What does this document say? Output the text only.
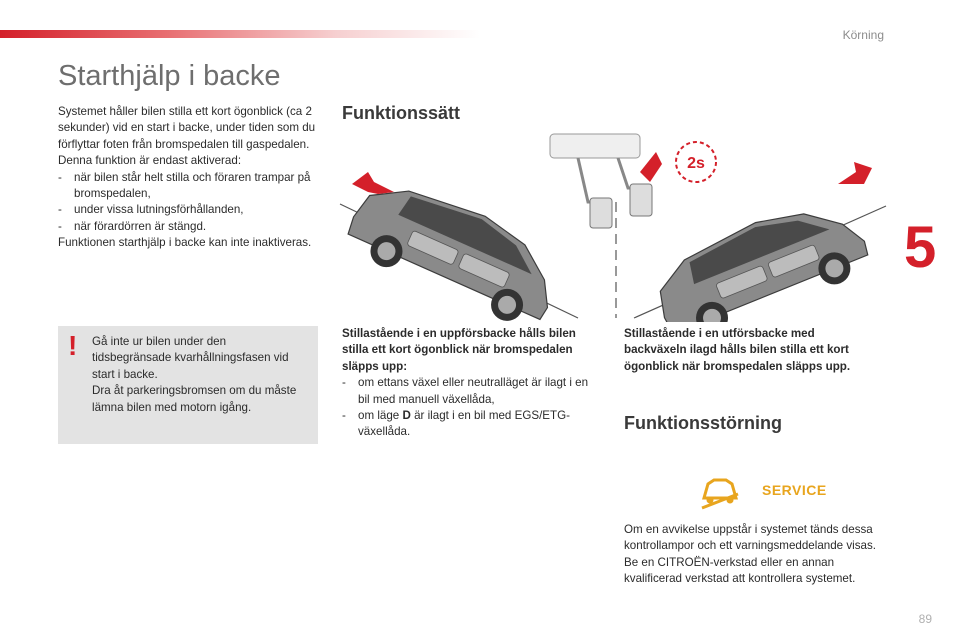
Körning
5
89
Starthjälp i backe

Systemet håller bilen stilla ett kort ögonblick (ca 2 sekunder) vid en start i backe, under tiden som du förflyttar foten från bromspedalen till gaspedalen.

Denna funktion är endast aktiverad:

-	när bilen står helt stilla och föraren trampar på bromspedalen,
-	under vissa lutningsförhållanden,
-	när förardörren är stängd.

Funktionen starthjälp i backe kan inte inaktiveras.

! Gå inte ur bilen under den tidsbegränsade kvarhållningsfasen vid start i backe.

Dra åt parkeringsbromsen om du måste lämna bilen med motorn igång.

Funktionssätt
2s

Stillastående i en uppförsbacke hålls bilen stilla ett kort ögonblick när bromspedalen släpps upp:

-	om ettans växel eller neutralläget är ilagt i en bil med manuell växellåda,
-	om läge D är ilagt i en bil med EGS/ETG-växellåda.

Stillastående i en utförsbacke med backväxeln ilagd hålls bilen stilla ett kort ögonblick när bromspedalen släpps upp.

Funktionsstörning
SERVICE
Om en avvikelse uppstår i systemet tänds dessa kontrollampor och ett varningsmeddelande visas. Be en CITROËN-verkstad eller en annan kvalificerad verkstad att kontrollera systemet.
